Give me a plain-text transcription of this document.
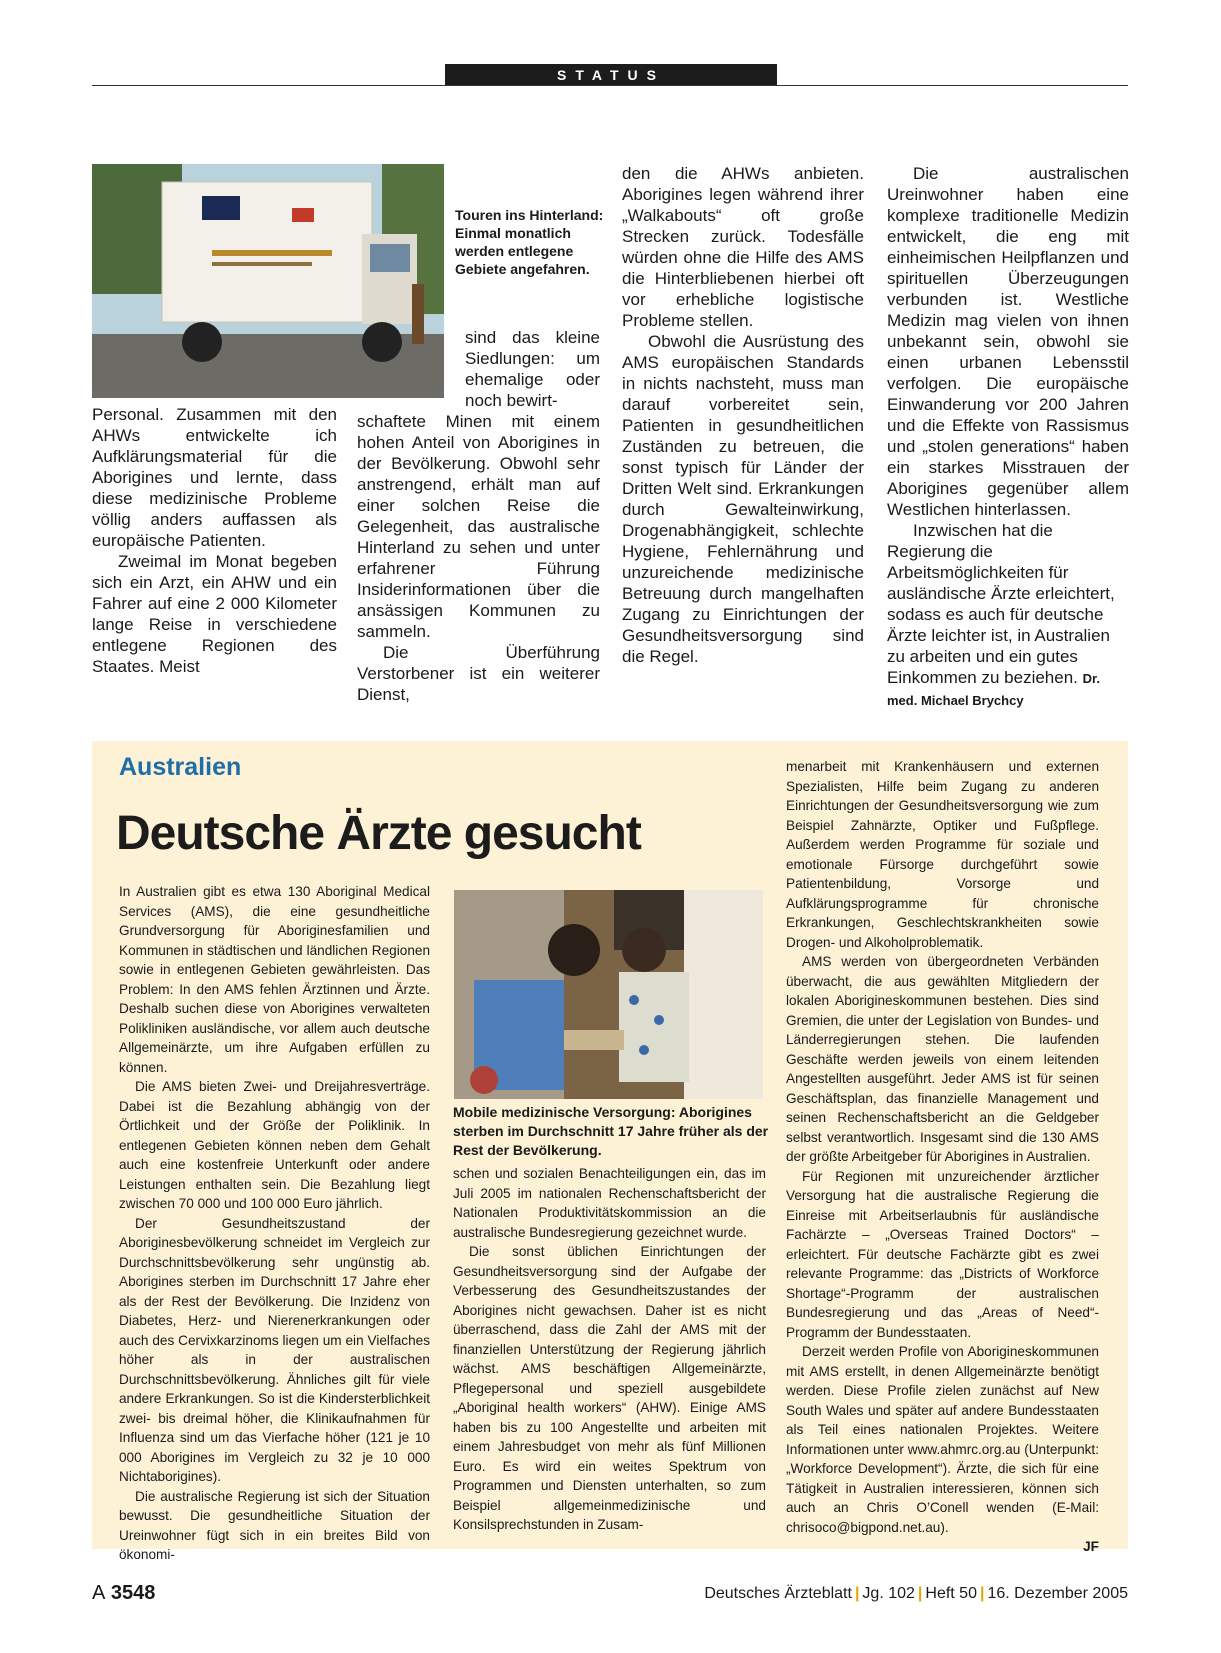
STATUS

Touren ins Hinterland: Einmal monatlich werden entlegene Gebiete angefahren.

Personal. Zusammen mit den AHWs entwickelte ich Aufklärungsmaterial für die Aborigines und lernte, dass diese medizinische Probleme völlig anders auffassen als europäische Patienten.

Zweimal im Monat begeben sich ein Arzt, ein AHW und ein Fahrer auf eine 2 000 Kilometer lange Reise in verschiedene entlegene Regionen des Staates. Meist

sind das kleine Siedlungen: um ehemalige oder noch bewirt-

schaftete Minen mit einem hohen Anteil von Aborigines in der Bevölkerung. Obwohl sehr anstrengend, erhält man auf einer solchen Reise die Gelegenheit, das australische Hinterland zu sehen und unter erfahrener Führung Insiderinformationen über die ansässigen Kommunen zu sammeln.

Die Überführung Verstorbener ist ein weiterer Dienst,

den die AHWs anbieten. Aborigines legen während ihrer „Walkabouts“ oft große Strecken zurück. Todesfälle würden ohne die Hilfe des AMS die Hinterbliebenen hierbei oft vor erhebliche logistische Probleme stellen.

Obwohl die Ausrüstung des AMS europäischen Standards in nichts nachsteht, muss man darauf vorbereitet sein, Patienten in gesundheitlichen Zuständen zu betreuen, die sonst typisch für Länder der Dritten Welt sind. Erkrankungen durch Gewalteinwirkung, Drogenabhängigkeit, schlechte Hygiene, Fehlernährung und unzureichende medizinische Betreuung durch mangelhaften Zugang zu Einrichtungen der Gesundheitsversorgung sind die Regel.

Die australischen Ureinwohner haben eine komplexe traditionelle Medizin entwickelt, die eng mit einheimischen Heilpflanzen und spirituellen Überzeugungen verbunden ist. Westliche Medizin mag vielen von ihnen unbekannt sein, obwohl sie einen urbanen Lebensstil verfolgen. Die europäische Einwanderung vor 200 Jahren und die Effekte von Rassismus und „stolen generations“ haben ein starkes Misstrauen der Aborigines gegenüber allem Westlichen hinterlassen.

Inzwischen hat die Regierung die Arbeitsmöglichkeiten für ausländische Ärzte erleichtert, sodass es auch für deutsche Ärzte leichter ist, in Australien zu arbeiten und ein gutes Einkommen zu beziehen. Dr. med. Michael Brychcy

Australien
Deutsche Ärzte gesucht

In Australien gibt es etwa 130 Aboriginal Medical Services (AMS), die eine gesundheitliche Grundversorgung für Aboriginesfamilien und Kommunen in städtischen und ländlichen Regionen sowie in entlegenen Gebieten gewährleisten. Das Problem: In den AMS fehlen Ärztinnen und Ärzte. Deshalb suchen diese von Aborigines verwalteten Polikliniken ausländische, vor allem auch deutsche Allgemeinärzte, um ihre Aufgaben erfüllen zu können.

Die AMS bieten Zwei- und Dreijahresverträge. Dabei ist die Bezahlung abhängig von der Örtlichkeit und der Größe der Poliklinik. In entlegenen Gebieten können neben dem Gehalt auch eine kostenfreie Unterkunft oder andere Leistungen enthalten sein. Die Bezahlung liegt zwischen 70 000 und 100 000 Euro jährlich.

Der Gesundheitszustand der Aboriginesbevölkerung schneidet im Vergleich zur Durchschnittsbevölkerung sehr ungünstig ab. Aborigines sterben im Durchschnitt 17 Jahre eher als der Rest der Bevölkerung. Die Inzidenz von Diabetes, Herz- und Nierenerkrankungen oder auch des Cervixkarzinoms liegen um ein Vielfaches höher als in der australischen Durchschnittsbevölkerung. Ähnliches gilt für viele andere Erkrankungen. So ist die Kindersterblichkeit zwei- bis dreimal höher, die Klinikaufnahmen für Influenza sind um das Vierfache höher (121 je 10 000 Aborigines im Vergleich zu 32 je 10 000 Nichtaborigines).

Die australische Regierung ist sich der Situation bewusst. Die gesundheitliche Situation der Ureinwohner fügt sich in ein breites Bild von ökonomi-

Mobile medizinische Versorgung: Aborigines sterben im Durchschnitt 17 Jahre früher als der Rest der Bevölkerung.

schen und sozialen Benachteiligungen ein, das im Juli 2005 im nationalen Rechenschaftsbericht der Nationalen Produktivitätskommission an die australische Bundesregierung gezeichnet wurde.

Die sonst üblichen Einrichtungen der Gesundheitsversorgung sind der Aufgabe der Verbesserung des Gesundheitszustandes der Aborigines nicht gewachsen. Daher ist es nicht überraschend, dass die Zahl der AMS mit der finanziellen Unterstützung der Regierung jährlich wächst. AMS beschäftigen Allgemeinärzte, Pflegepersonal und speziell ausgebildete „Aboriginal health workers“ (AHW). Einige AMS haben bis zu 100 Angestellte und arbeiten mit einem Jahresbudget von mehr als fünf Millionen Euro. Es wird ein weites Spektrum von Programmen und Diensten unterhalten, so zum Beispiel allgemeinmedizinische und Konsilsprechstunden in Zusam-

menarbeit mit Krankenhäusern und externen Spezialisten, Hilfe beim Zugang zu anderen Einrichtungen der Gesundheitsversorgung wie zum Beispiel Zahnärzte, Optiker und Fußpflege. Außerdem werden Programme für soziale und emotionale Fürsorge durchgeführt sowie Patientenbildung, Vorsorge und Aufklärungsprogramme für chronische Erkrankungen, Geschlechtskrankheiten sowie Drogen- und Alkoholproblematik.

AMS werden von übergeordneten Verbänden überwacht, die aus gewählten Mitgliedern der lokalen Aborigineskommunen bestehen. Dies sind Gremien, die unter der Legislation von Bundes- und Länderregierungen stehen. Die laufenden Geschäfte werden jeweils von einem leitenden Angestellten ausgeführt. Jeder AMS ist für seinen Geschäftsplan, das finanzielle Management und seinen Rechenschaftsbericht an die Geldgeber selbst verantwortlich. Insgesamt sind die 130 AMS der größte Arbeitgeber für Aborigines in Australien.

Für Regionen mit unzureichender ärztlicher Versorgung hat die australische Regierung die Einreise mit Arbeitserlaubnis für ausländische Fachärzte – „Overseas Trained Doctors“ – erleichtert. Für deutsche Fachärzte gibt es zwei relevante Programme: das „Districts of Workforce Shortage“-Programm der australischen Bundesregierung und das „Areas of Need“-Programm der Bundesstaaten.

Derzeit werden Profile von Aborigineskommunen mit AMS erstellt, in denen Allgemeinärzte benötigt werden. Diese Profile zielen zunächst auf New South Wales und später auf andere Bundesstaaten als Teil eines nationalen Projektes. Weitere Informationen unter www.ahmrc.org.au (Unterpunkt: „Workforce Development“). Ärzte, die sich für eine Tätigkeit in Australien interessieren, können sich auch an Chris O’Conell wenden (E-Mail: chrisoco@bigpond.net.au).

JF

A 3548	Deutsches Ärzteblatt | Jg. 102 | Heft 50 | 16. Dezember 2005
